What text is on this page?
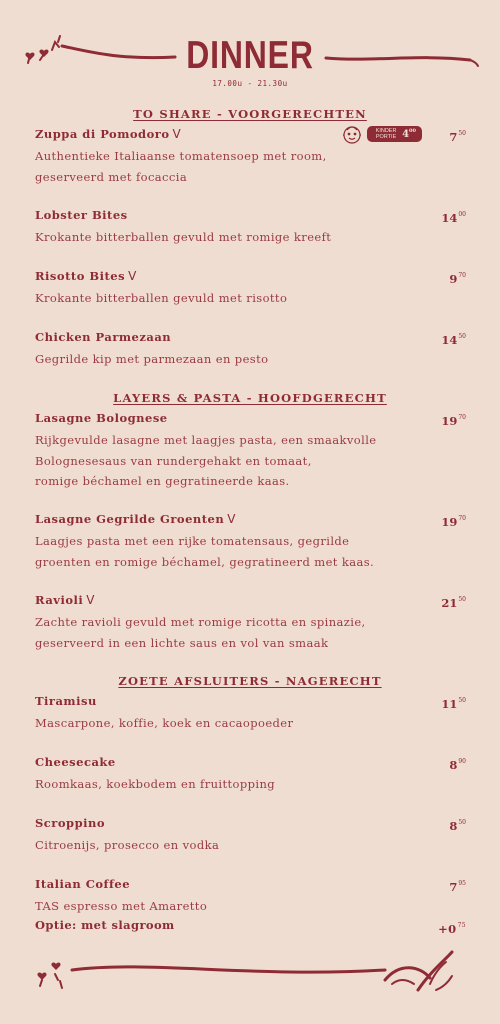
DINNER
17.00u - 21.30u
TO SHARE - VOORGERECHTEN
Zuppa di Pomodoro V	KINDER PORTIE $4^{00}$	$7^{50}$
Authentieke Italiaanse tomatensoep met room,
geserveerd met focaccia
Lobster Bites	$14^{00}$
Krokante bitterballen gevuld met romige kreeft
Risotto Bites V	$9^{70}$
Krokante bitterballen gevuld met risotto
Chicken Parmezaan	$14^{50}$
Gegrilde kip met parmezaan en pesto
LAYERS & PASTA - HOOFDGERECHT
Lasagne Bolognese	$19^{70}$
Rijkgevulde lasagne met laagjes pasta, een smaakvolle
Bolognesesaus van rundergehakt en tomaat,
romige béchamel en gegratineerde kaas.
Lasagne Gegrilde Groenten V	$19^{70}$
Laagjes pasta met een rijke tomatensaus, gegrilde
groenten en romige béchamel, gegratineerd met kaas.
Ravioli V	$21^{50}$
Zachte ravioli gevuld met romige ricotta en spinazie,
geserveerd in een lichte saus en vol van smaak
ZOETE AFSLUITERS - NAGERECHT
Tiramisu	$11^{50}$
Mascarpone, koffie, koek en cacaopoeder
Cheesecake	$8^{90}$
Roomkaas, koekbodem en fruittopping
Scroppino	$8^{50}$
Citroenijs, prosecco en vodka
Italian Coffee	$7^{95}$
TAS espresso met Amaretto
Optie: met slagroom	$+0^{75}$
